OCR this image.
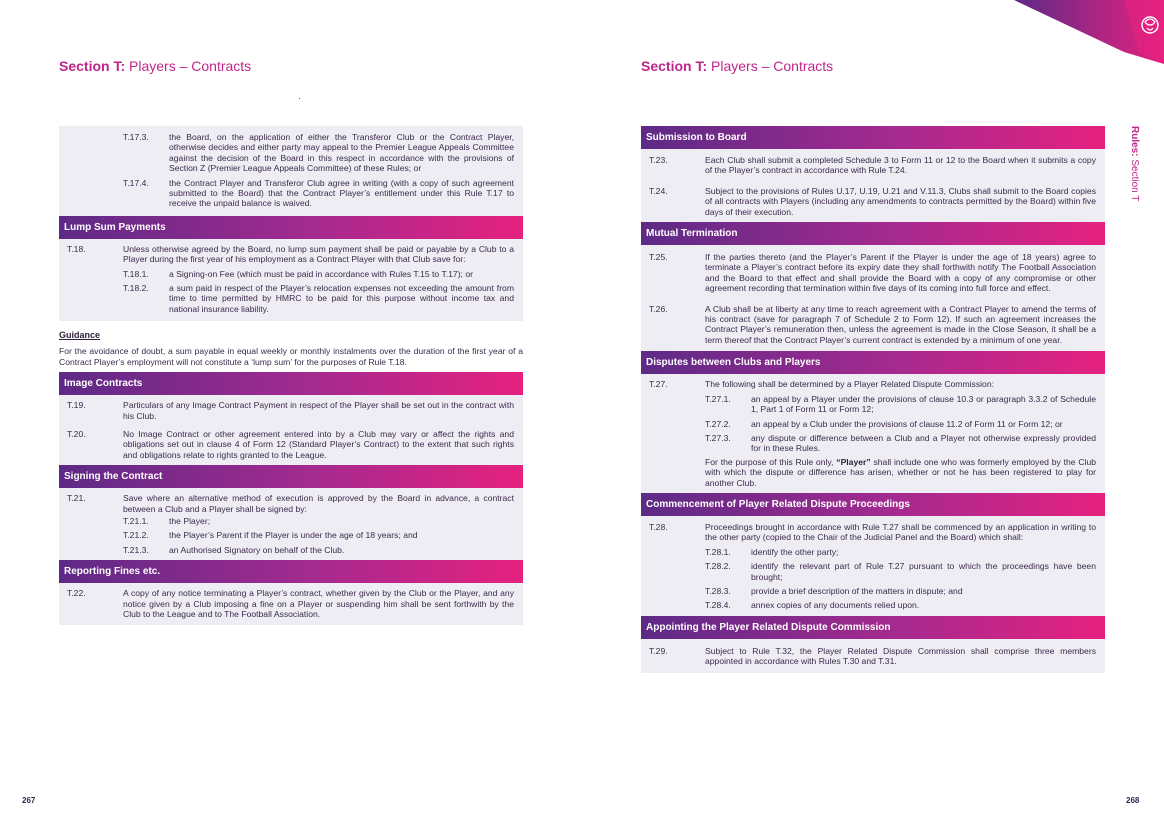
Section T: Players – Contracts	Section T: Players – Contracts
Rules: Section T
T.17.3.	the Board, on the application of either the Transferor Club or the Contract Player, otherwise decides and either party may appeal to the Premier League Appeals Committee against the decision of the Board in this respect in accordance with the provisions of Section Z (Premier League Appeals Committee) of these Rules; or
T.17.4.	the Contract Player and Transferor Club agree in writing (with a copy of such agreement submitted to the Board) that the Contract Player’s entitlement under this Rule T.17 to receive the unpaid balance is waived.
Lump Sum Payments
T.18.	Unless otherwise agreed by the Board, no lump sum payment shall be paid or payable by a Club to a Player during the first year of his employment as a Contract Player with that Club save for:

T.18.1.	a Signing-on Fee (which must be paid in accordance with Rules T.15 to T.17); or
T.18.2.	a sum paid in respect of the Player’s relocation expenses not exceeding the amount from time to time permitted by HMRC to be paid for this purpose without income tax and national insurance liability.
Guidance
For the avoidance of doubt, a sum payable in equal weekly or monthly instalments over the duration of the first year of a Contract Player’s employment will not constitute a ‘lump sum’ for the purposes of Rule T.18.
Image Contracts
T.19.	Particulars of any Image Contract Payment in respect of the Player shall be set out in the contract with his Club.

T.20.	No Image Contract or other agreement entered into by a Club may vary or affect the rights and obligations set out in clause 4 of Form 12 (Standard Player’s Contract) to the extent that such rights and obligations relate to rights granted to the League.

Signing the Contract
T.21.	Save where an alternative method of execution is approved by the Board in advance, a contract between a Club and a Player shall be signed by:

T.21.1.	the Player;
T.21.2.	the Player’s Parent if the Player is under the age of 18 years; and
T.21.3.	an Authorised Signatory on behalf of the Club.
Reporting Fines etc.
T.22.	A copy of any notice terminating a Player’s contract, whether given by the Club or the Player, and any notice given by a Club imposing a fine on a Player or suspending him shall be sent forthwith by the Club to the League and to The Football Association.

Submission to Board
T.23.	Each Club shall submit a completed Schedule 3 to Form 11 or 12 to the Board when it submits a copy of the Player’s contract in accordance with Rule T.24.

T.24.	Subject to the provisions of Rules U.17, U.19, U.21 and V.11.3, Clubs shall submit to the Board copies of all contracts with Players (including any amendments to contracts permitted by the Board) within five days of their execution.

Mutual Termination
T.25.	If the parties thereto (and the Player’s Parent if the Player is under the age of 18 years) agree to terminate a Player’s contract before its expiry date they shall forthwith notify The Football Association and the Board to that effect and shall provide the Board with a copy of any compromise or other agreement recording that termination within five days of its coming into full force and effect.

T.26.	A Club shall be at liberty at any time to reach agreement with a Contract Player to amend the terms of his contract (save for paragraph 7 of Schedule 2 to Form 12). If such an agreement increases the Contract Player’s remuneration then, unless the agreement is made in the Close Season, it shall be a term thereof that the Contract Player’s current contract is extended by a minimum of one year.

Disputes between Clubs and Players
T.27.	The following shall be determined by a Player Related Dispute Commission:

T.27.1.	an appeal by a Player under the provisions of clause 10.3 or paragraph 3.3.2 of Schedule 1, Part 1 of Form 11 or Form 12;
T.27.2.	an appeal by a Club under the provisions of clause 11.2 of Form 11 or Form 12; or
T.27.3.	any dispute or difference between a Club and a Player not otherwise expressly provided for in these Rules.

For the purpose of this Rule only, “Player” shall include one who was formerly employed by the Club with which the dispute or difference has arisen, whether or not he has been registered to play for another Club.

Commencement of Player Related Dispute Proceedings
T.28.	Proceedings brought in accordance with Rule T.27 shall be commenced by an application in writing to the other party (copied to the Chair of the Judicial Panel and the Board) which shall:

T.28.1.	identify the other party;
T.28.2.	identify the relevant part of Rule T.27 pursuant to which the proceedings have been brought;
T.28.3.	provide a brief description of the matters in dispute; and
T.28.4.	annex copies of any documents relied upon.
Appointing the Player Related Dispute Commission
T.29.	Subject to Rule T.32, the Player Related Dispute Commission shall comprise three members appointed in accordance with Rules T.30 and T.31.

267	268
